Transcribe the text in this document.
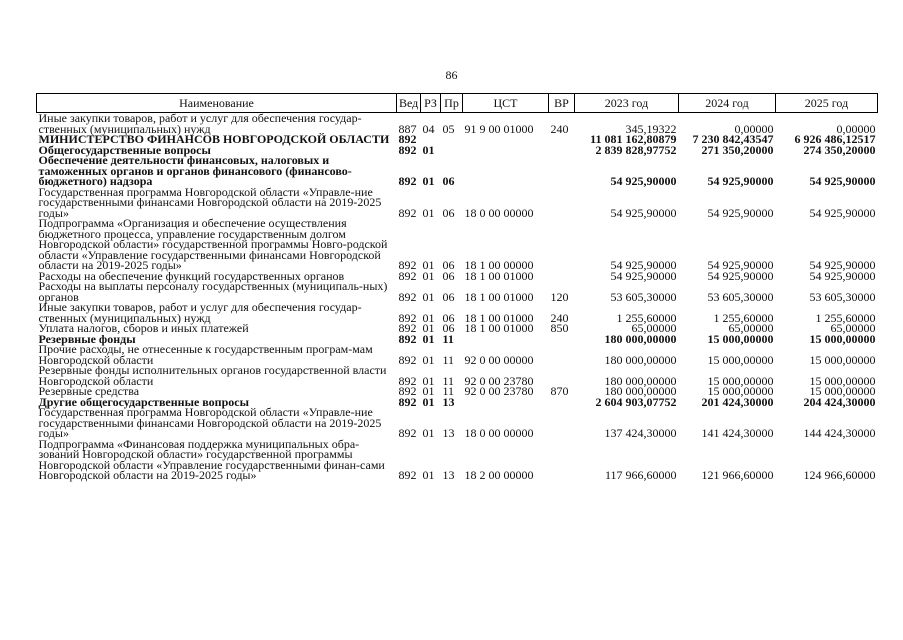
86
Наименование	Вед	РЗ	Пр	ЦСТ	ВР	2023 год	2024 год	2025 год
Иные закупки товаров, работ и услуг для обеспечения государ-ственных (муниципальных) нужд	887	04	05	91 9 00 01000	240	345,19322	0,00000	0,00000
МИНИСТЕРСТВО ФИНАНСОВ НОВГОРОДСКОЙ ОБЛАСТИ	892					11 081 162,80879	7 230 842,43547	6 926 486,12517
Общегосударственные вопросы	892	01				2 839 828,97752	271 350,20000	274 350,20000
Обеспечение деятельности финансовых, налоговых и таможенных органов и органов финансового (финансово-бюджетного) надзора	892	01	06			54 925,90000	54 925,90000	54 925,90000
Государственная программа Новгородской области «Управле-ние государственными финансами Новгородской области на 2019-2025 годы»	892	01	06	18 0 00 00000		54 925,90000	54 925,90000	54 925,90000
Подпрограмма «Организация и обеспечение осуществления бюджетного процесса, управление государственным долгом Новгородской области» государственной программы Новго-родской области «Управление государственными финансами Новгородской области на 2019-2025 годы»	892	01	06	18 1 00 00000		54 925,90000	54 925,90000	54 925,90000
Расходы на обеспечение функций государственных органов	892	01	06	18 1 00 01000		54 925,90000	54 925,90000	54 925,90000
Расходы на выплаты персоналу государственных (муниципаль-ных) органов	892	01	06	18 1 00 01000	120	53 605,30000	53 605,30000	53 605,30000
Иные закупки товаров, работ и услуг для обеспечения государ-ственных (муниципальных) нужд	892	01	06	18 1 00 01000	240	1 255,60000	1 255,60000	1 255,60000
Уплата налогов, сборов и иных платежей	892	01	06	18 1 00 01000	850	65,00000	65,00000	65,00000
Резервные фонды	892	01	11			180 000,00000	15 000,00000	15 000,00000
Прочие расходы, не отнесенные к государственным програм-мам Новгородской области	892	01	11	92 0 00 00000		180 000,00000	15 000,00000	15 000,00000
Резервные фонды исполнительных органов государственной власти Новгородской области	892	01	11	92 0 00 23780		180 000,00000	15 000,00000	15 000,00000
Резервные средства	892	01	11	92 0 00 23780	870	180 000,00000	15 000,00000	15 000,00000
Другие общегосударственные вопросы	892	01	13			2 604 903,07752	201 424,30000	204 424,30000
Государственная программа Новгородской области «Управле-ние государственными финансами Новгородской области на 2019-2025 годы»	892	01	13	18 0 00 00000		137 424,30000	141 424,30000	144 424,30000
Подпрограмма «Финансовая поддержка муниципальных обра-зований Новгородской области» государственной программы Новгородской области «Управление государственными финан-сами Новгородской области на 2019-2025 годы»	892	01	13	18 2 00 00000		117 966,60000	121 966,60000	124 966,60000
